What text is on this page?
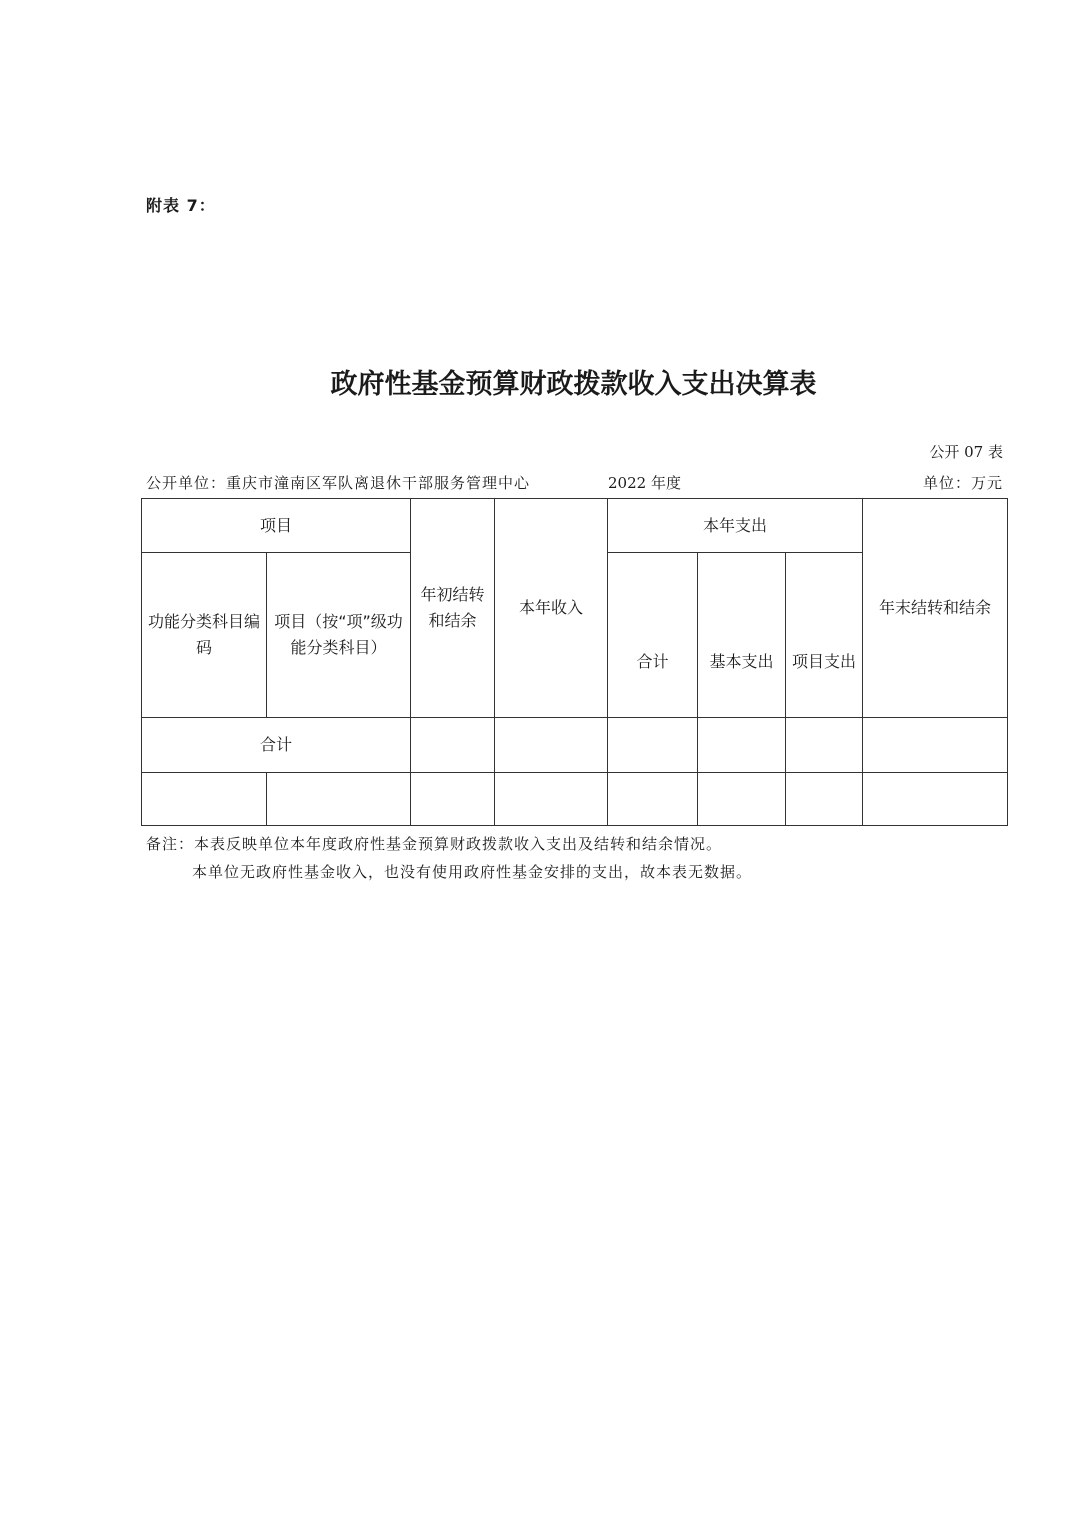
附表 7：
政府性基金预算财政拨款收入支出决算表
公开 07 表
公开单位：重庆市潼南区军队离退休干部服务管理中心	2022 年度	单位：万元
项目		年初结转和结余	本年收入	本年支出			年末结转和结余
功能分类科目编码	项目（按“项”级功能分类科目）			合计	基本支出	项目支出	
合计							

备注：本表反映单位本年度政府性基金预算财政拨款收入支出及结转和结余情况。
本单位无政府性基金收入，也没有使用政府性基金安排的支出，故本表无数据。
